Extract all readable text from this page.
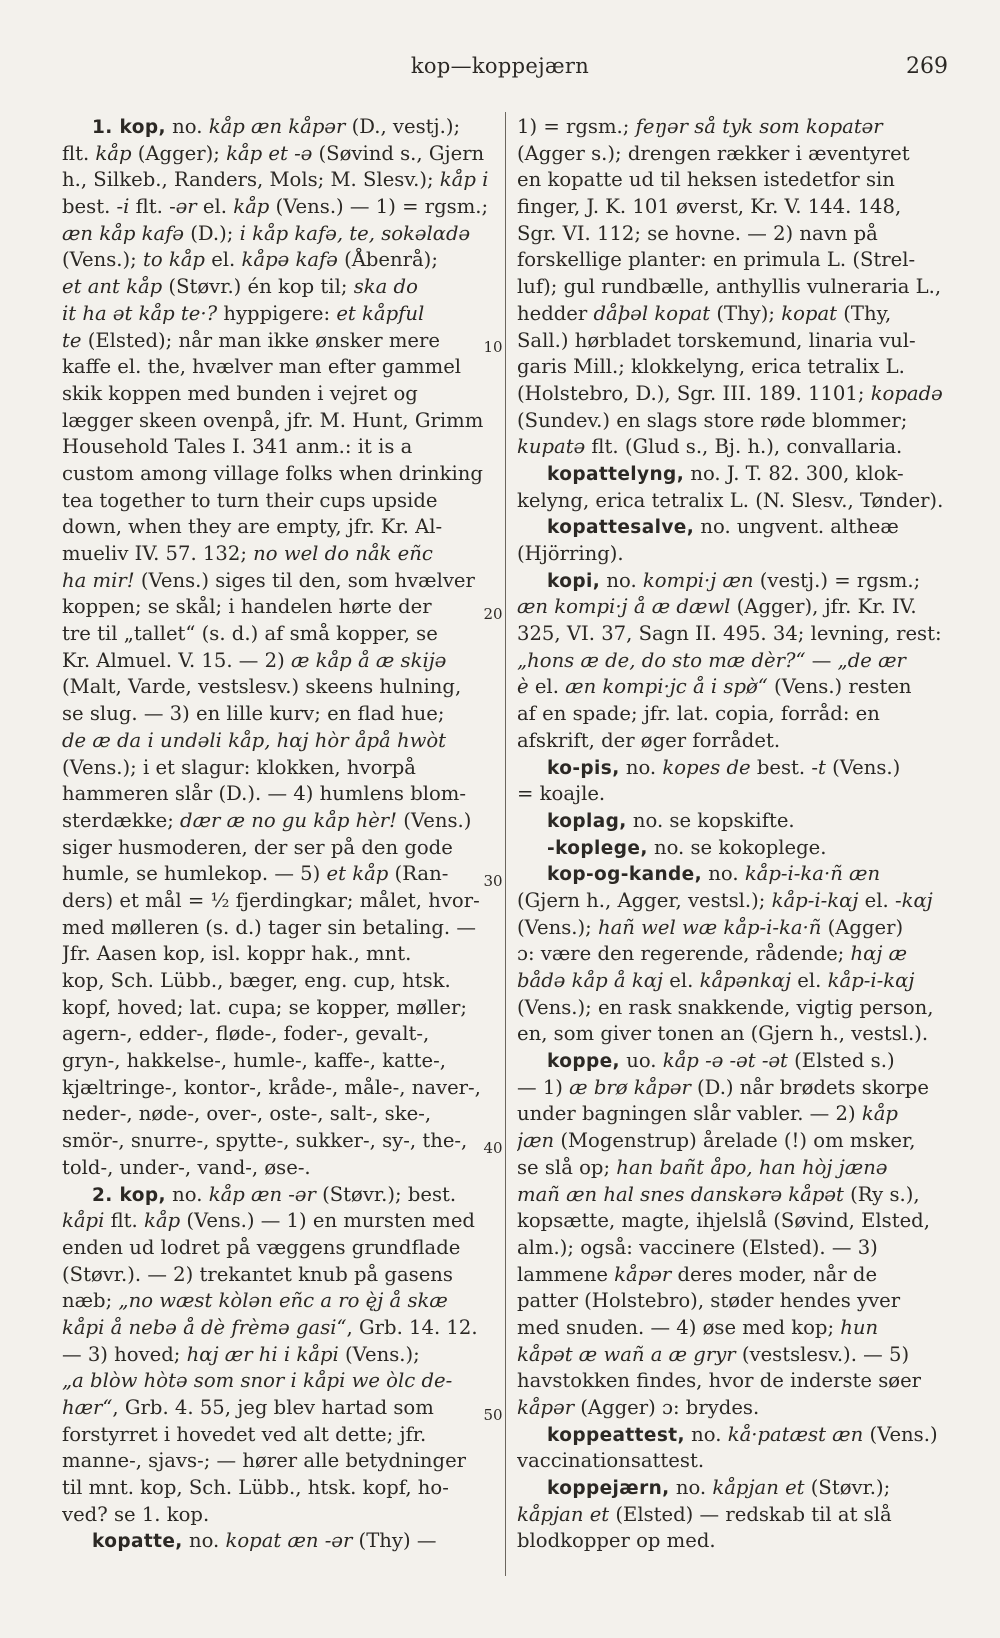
kop—koppejærn	269
1. kop, no. kåp æn kåpər (D., vestj.);
flt. kåp (Agger); kåp et -ə (Søvind s., Gjern
h., Silkeb., Randers, Mols; M. Slesv.); kåp i
best. -i flt. -ər el. kåp (Vens.) — 1) = rgsm.;
æn kåp kafə (D.); i kåp kafə, te, sokəlɑdə
(Vens.); to kåp el. kåpə kafə (Åbenrå);
et ant kåp (Støvr.) én kop til; ska do
it ha ət kåp te·? hyppigere: et kåpful
te (Elsted); når man ikke ønsker mere
kaffe el. the, hvælver man efter gammel
skik koppen med bunden i vejret og
lægger skeen ovenpå, jfr. M. Hunt, Grimm
Household Tales I. 341 anm.: it is a
custom among village folks when drinking
tea together to turn their cups upside
down, when they are empty, jfr. Kr. Al-
mueliv IV. 57. 132; no wel do nåk eñc
ha mir! (Vens.) siges til den, som hvælver
koppen; se skål; i handelen hørte der
tre til „tallet“ (s. d.) af små kopper, se
Kr. Almuel. V. 15. — 2) æ kåp å æ skijə
(Malt, Varde, vestslesv.) skeens hulning,
se slug. — 3) en lille kurv; en flad hue;
de æ da i undəli kåp, hɑj hòr åpå hwòt
(Vens.); i et slagur: klokken, hvorpå
hammeren slår (D.). — 4) humlens blom-
sterdække; dær æ no gu kåp hèr! (Vens.)
siger husmoderen, der ser på den gode
humle, se humlekop. — 5) et kåp (Ran-
ders) et mål = ½ fjerdingkar; målet, hvor-
med mølleren (s. d.) tager sin betaling. —
Jfr. Aasen kop, isl. koppr hak., mnt.
kop, Sch. Lübb., bæger, eng. cup, htsk.
kopf, hoved; lat. cupa; se kopper, møller;
agern-, edder-, fløde-, foder-, gevalt-,
gryn-, hakkelse-, humle-, kaffe-, katte-,
kjæltringe-, kontor-, kråde-, måle-, naver-,
neder-, nøde-, over-, oste-, salt-, ske-,
smör-, snurre-, spytte-, sukker-, sy-, the-,
told-, under-, vand-, øse-.
2. kop, no. kåp æn -ər (Støvr.); best.
kåpi flt. kåp (Vens.) — 1) en mursten med
enden ud lodret på væggens grundflade
(Støvr.). — 2) trekantet knub på gasens
næb; „no wæst kòlən eñc a ro ę̀j å skæ
kåpi å nebə å dè frèmə gasi“, Grb. 14. 12.
— 3) hoved; hɑj ær hi i kåpi (Vens.);
„a blòw hòtə som snor i kåpi we òlc de-
hær“, Grb. 4. 55, jeg blev hartad som
forstyrret i hovedet ved alt dette; jfr.
manne-, sjavs-; — hører alle betydninger
til mnt. kop, Sch. Lübb., htsk. kopf, ho-
ved? se 1. kop.
kopatte, no. kopat æn -ər (Thy) —
1) = rgsm.; feŋər så tyk som kopatər
(Agger s.); drengen rækker i æventyret
en kopatte ud til heksen istedetfor sin
finger, J. K. 101 øverst, Kr. V. 144. 148,
Sgr. VI. 112; se hovne. — 2) navn på
forskellige planter: en primula L. (Strel-
luf); gul rundbælle, anthyllis vulneraria L.,
hedder dåþəl kopat (Thy); kopat (Thy,
Sall.) hørbladet torskemund, linaria vul-
garis Mill.; klokkelyng, erica tetralix L.
(Holstebro, D.), Sgr. III. 189. 1101; kopadə
(Sundev.) en slags store røde blommer;
kupatə flt. (Glud s., Bj. h.), convallaria.
kopattelyng, no. J. T. 82. 300, klok-
kelyng, erica tetralix L. (N. Slesv., Tønder).
kopattesalve, no. ungvent. altheæ
(Hjörring).
kopi, no. kompi·j æn (vestj.) = rgsm.;
æn kompi·j å æ dæwl (Agger), jfr. Kr. IV.
325, VI. 37, Sagn II. 495. 34; levning, rest:
„hons æ de, do sto mæ dèr?“ — „de ær
è el. æn kompi·jc å i spø̀“ (Vens.) resten
af en spade; jfr. lat. copia, forråd: en
afskrift, der øger forrådet.
ko-pis, no. kopes de best. -t (Vens.)
= koajle.
koplag, no. se kopskifte.
-koplege, no. se kokoplege.
kop-og-kande, no. kåp-i-ka·ñ æn
(Gjern h., Agger, vestsl.); kåp-i-kɑj el. -kɑj
(Vens.); hañ wel wæ kåp-i-ka·ñ (Agger)
ɔ: være den regerende, rådende; hɑj æ
bådə kåp å kɑj el. kåpənkɑj el. kåp-i-kɑj
(Vens.); en rask snakkende, vigtig person,
en, som giver tonen an (Gjern h., vestsl.).
koppe, uo. kåp -ə -ət -ət (Elsted s.)
— 1) æ brø kåpər (D.) når brødets skorpe
under bagningen slår vabler. — 2) kåp
jæn (Mogenstrup) årelade (!) om msker,
se slå op; han bañt åpo, han hòj jænə
mañ æn hal snes danskərə kåpət (Ry s.),
kopsætte, magte, ihjelslå (Søvind, Elsted,
alm.); også: vaccinere (Elsted). — 3)
lammene kåpər deres moder, når de
patter (Holstebro), støder hendes yver
med snuden. — 4) øse med kop; hun
kåpət æ wañ a æ gryr (vestslesv.). — 5)
havstokken findes, hvor de inderste søer
kåpər (Agger) ɔ: brydes.
koppeattest, no. kå·patæst æn (Vens.)
vaccinationsattest.
koppejærn, no. kåpjan et (Støvr.);
kåpjan et (Elsted) — redskab til at slå
blodkopper op med.
10
20
30
40
50
